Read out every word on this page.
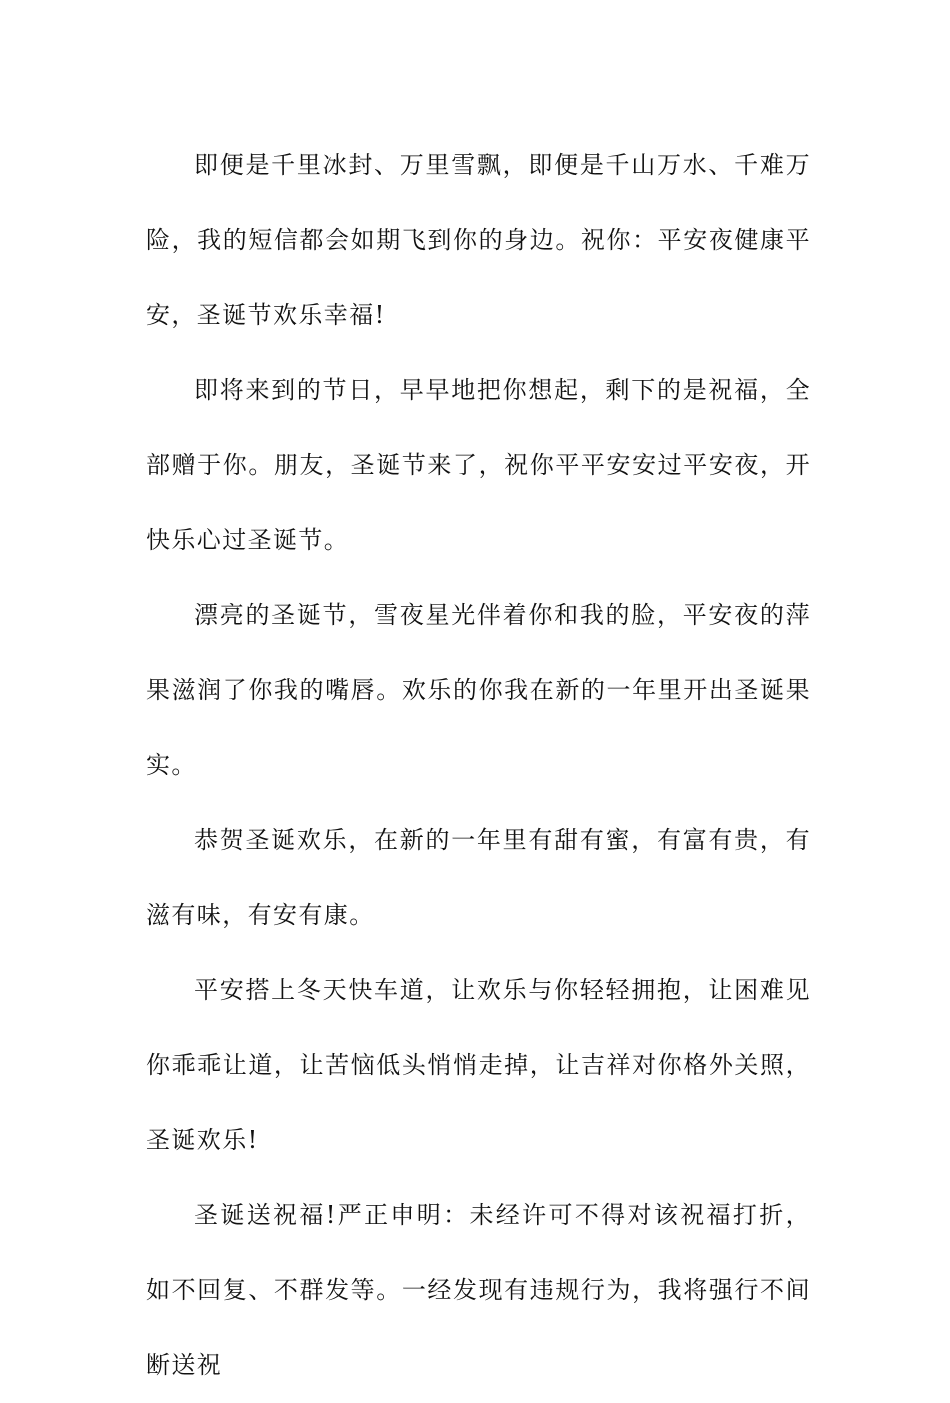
即便是千里冰封、万里雪飘，即便是千山万水、千难万险，我的短信都会如期飞到你的身边。祝你：平安夜健康平安，圣诞节欢乐幸福!

即将来到的节日，早早地把你想起，剩下的是祝福，全部赠于你。朋友，圣诞节来了，祝你平平安安过平安夜，开快乐心过圣诞节。

漂亮的圣诞节，雪夜星光伴着你和我的脸，平安夜的萍果滋润了你我的嘴唇。欢乐的你我在新的一年里开出圣诞果实。

恭贺圣诞欢乐，在新的一年里有甜有蜜，有富有贵，有滋有味，有安有康。

平安搭上冬天快车道，让欢乐与你轻轻拥抱，让困难见你乖乖让道，让苦恼低头悄悄走掉，让吉祥对你格外关照，圣诞欢乐!

圣诞送祝福!严正申明：未经许可不得对该祝福打折，如不回复、不群发等。一经发现有违规行为，我将强行不间断送祝
